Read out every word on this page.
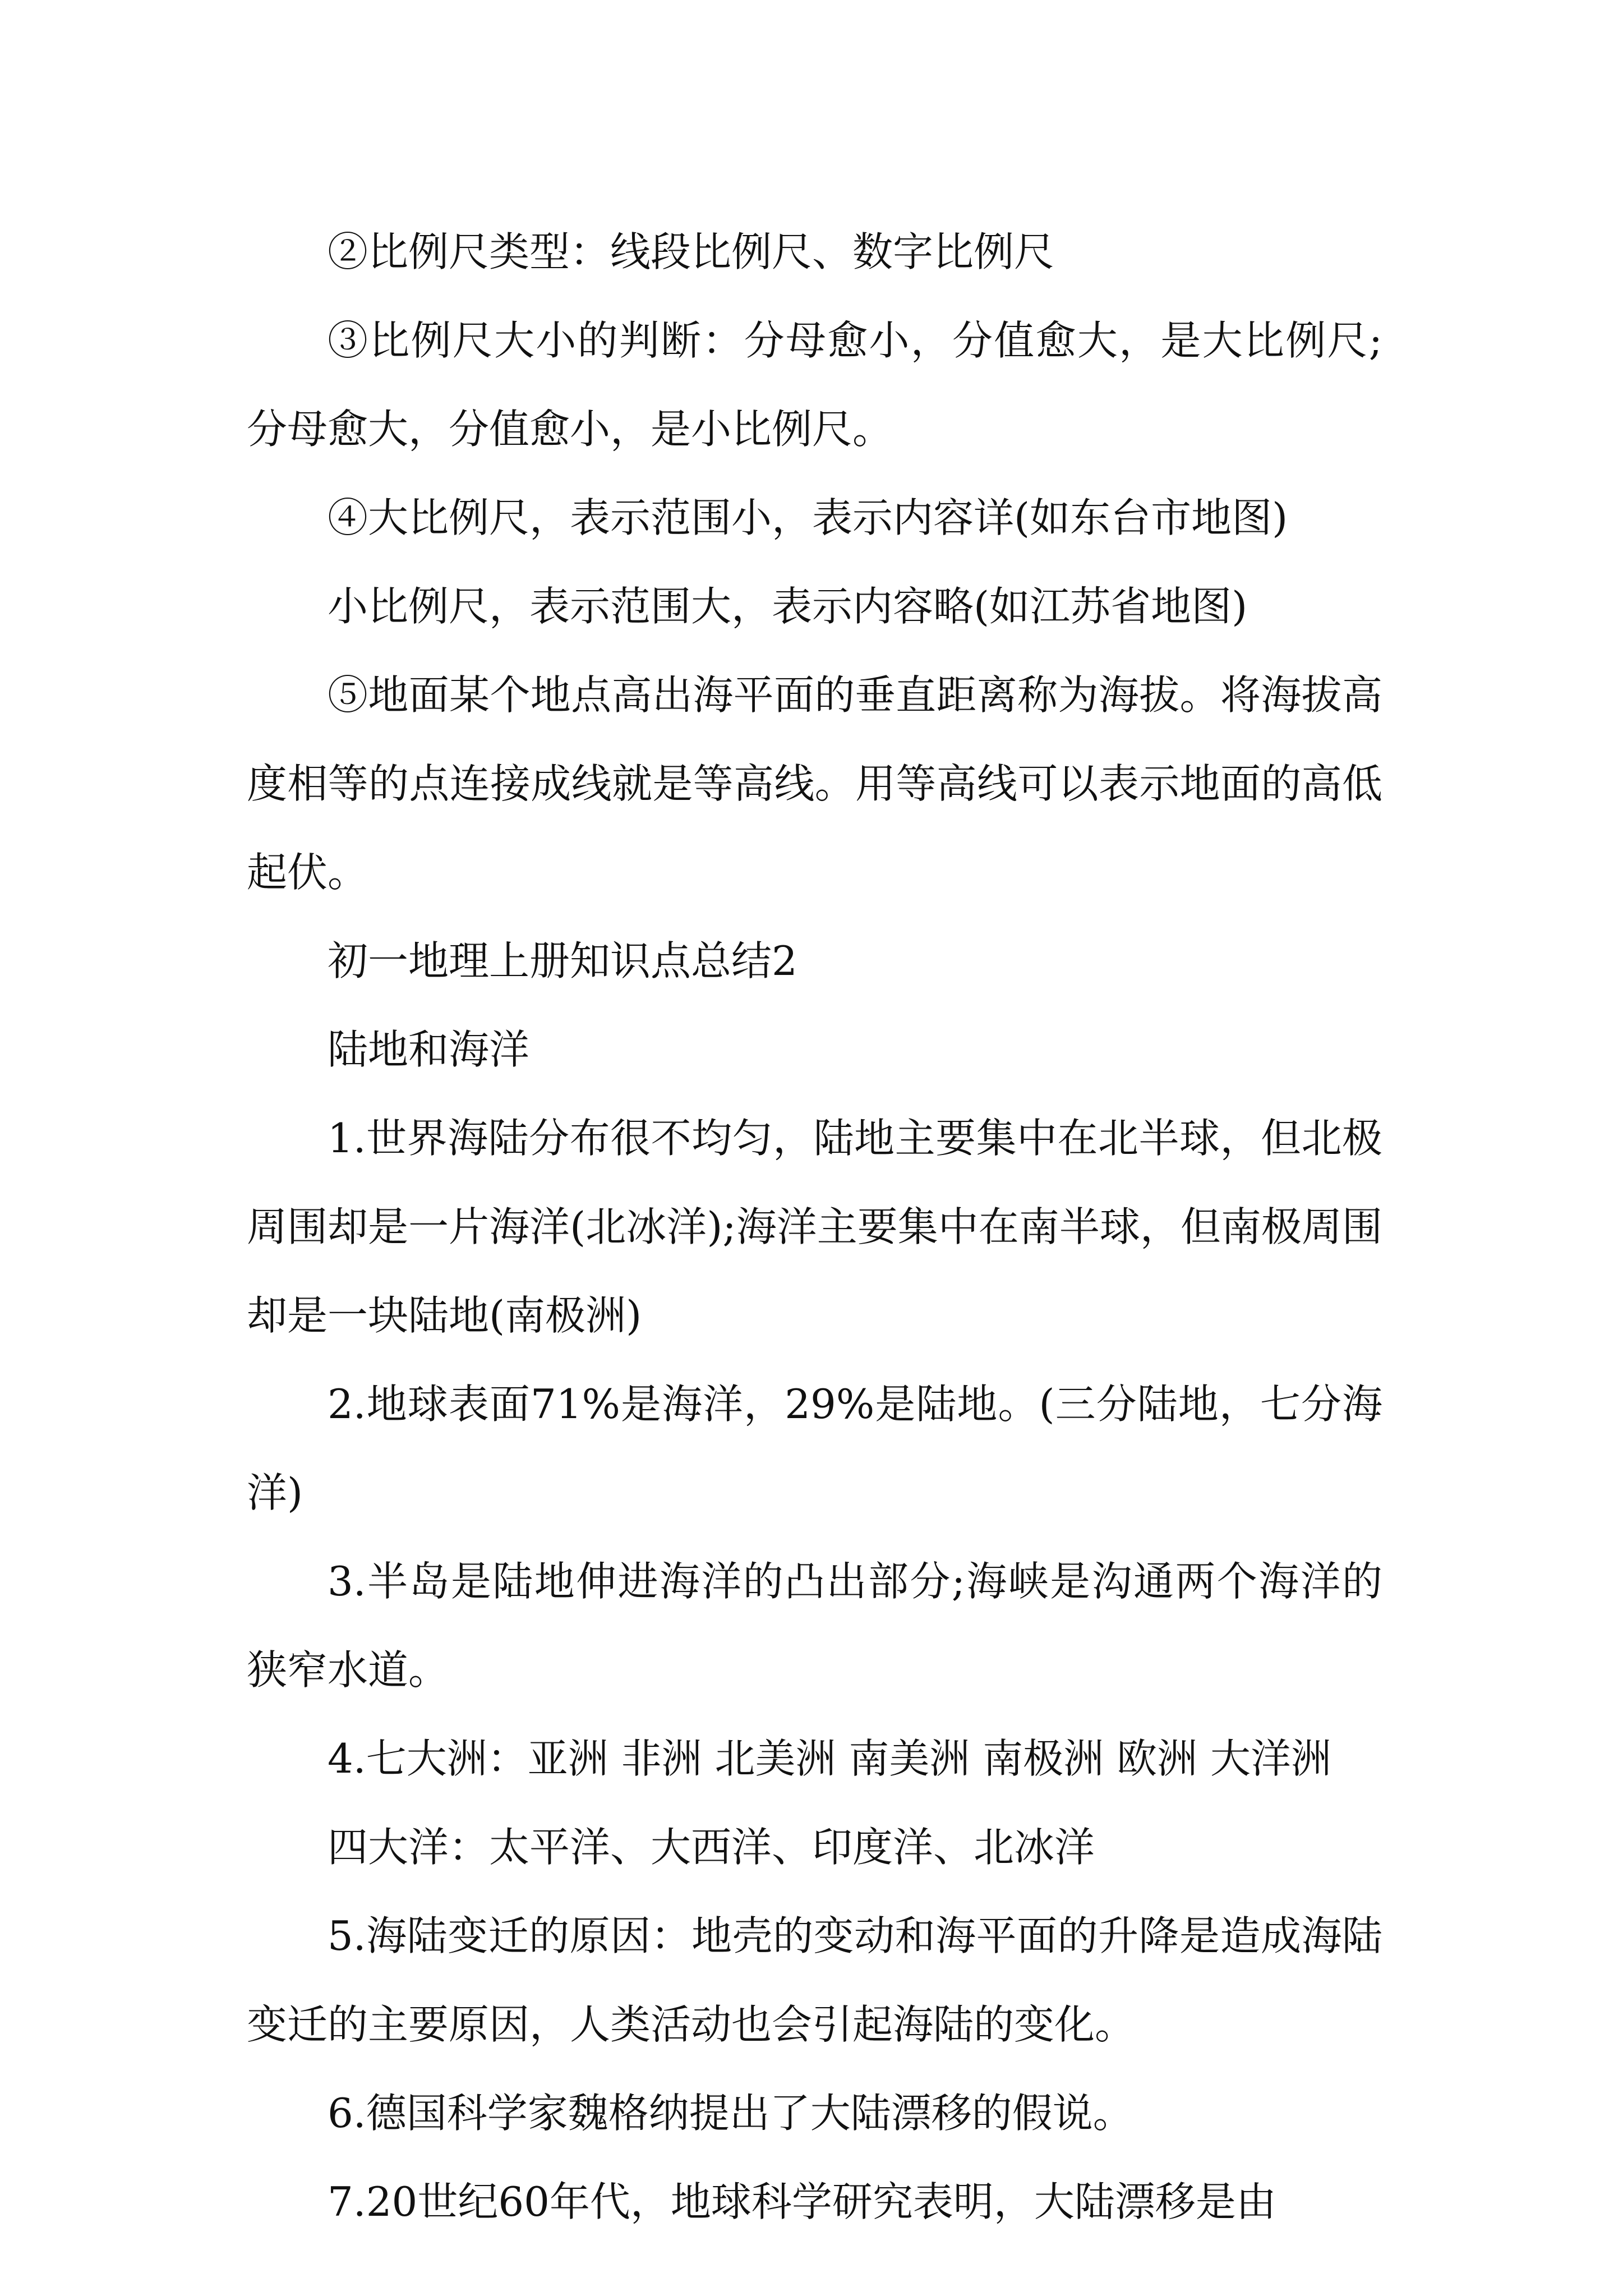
②比例尺类型：线段比例尺、数字比例尺

③比例尺大小的判断：分母愈小，分值愈大，是大比例尺;分母愈大，分值愈小，是小比例尺。

④大比例尺，表示范围小，表示内容详(如东台市地图)

小比例尺，表示范围大，表示内容略(如江苏省地图)

⑤地面某个地点高出海平面的垂直距离称为海拔。将海拔高度相等的点连接成线就是等高线。用等高线可以表示地面的高低起伏。

初一地理上册知识点总结2

陆地和海洋

1.世界海陆分布很不均匀，陆地主要集中在北半球，但北极周围却是一片海洋(北冰洋);海洋主要集中在南半球，但南极周围却是一块陆地(南极洲)

2.地球表面71%是海洋，29%是陆地。(三分陆地，七分海洋)

3.半岛是陆地伸进海洋的凸出部分;海峡是沟通两个海洋的狭窄水道。

4.七大洲：亚洲 非洲 北美洲 南美洲 南极洲 欧洲 大洋洲

四大洋：太平洋、大西洋、印度洋、北冰洋

5.海陆变迁的原因：地壳的变动和海平面的升降是造成海陆变迁的主要原因，人类活动也会引起海陆的变化。

6.德国科学家魏格纳提出了大陆漂移的假说。

7.20世纪60年代，地球科学研究表明，大陆漂移是由
